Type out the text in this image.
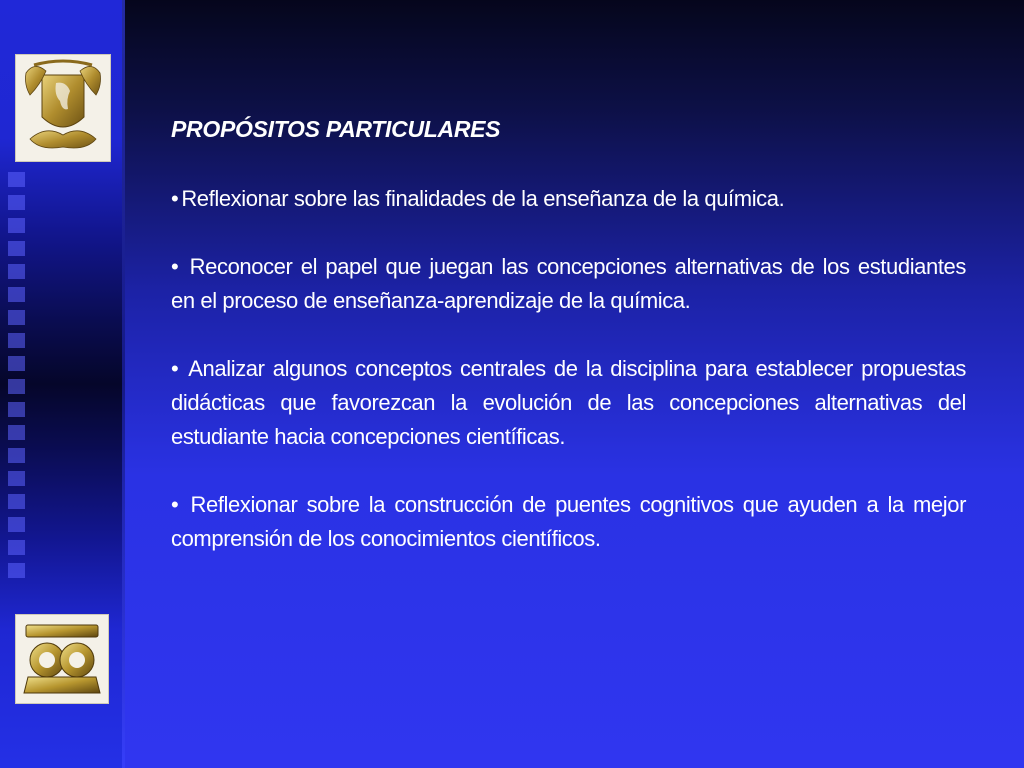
PROPÓSITOS PARTICULARES

• Reflexionar sobre las finalidades de la enseñanza de la química.

• Reconocer el papel que juegan las concepciones alternativas de los estudiantes en el proceso de enseñanza-aprendizaje de la química.

• Analizar algunos conceptos centrales de la disciplina para establecer propuestas didácticas que favorezcan la evolución de las concepciones alternativas del estudiante hacia concepciones científicas.

• Reflexionar sobre la construcción de puentes cognitivos que ayuden a la mejor comprensión de los conocimientos científicos.
